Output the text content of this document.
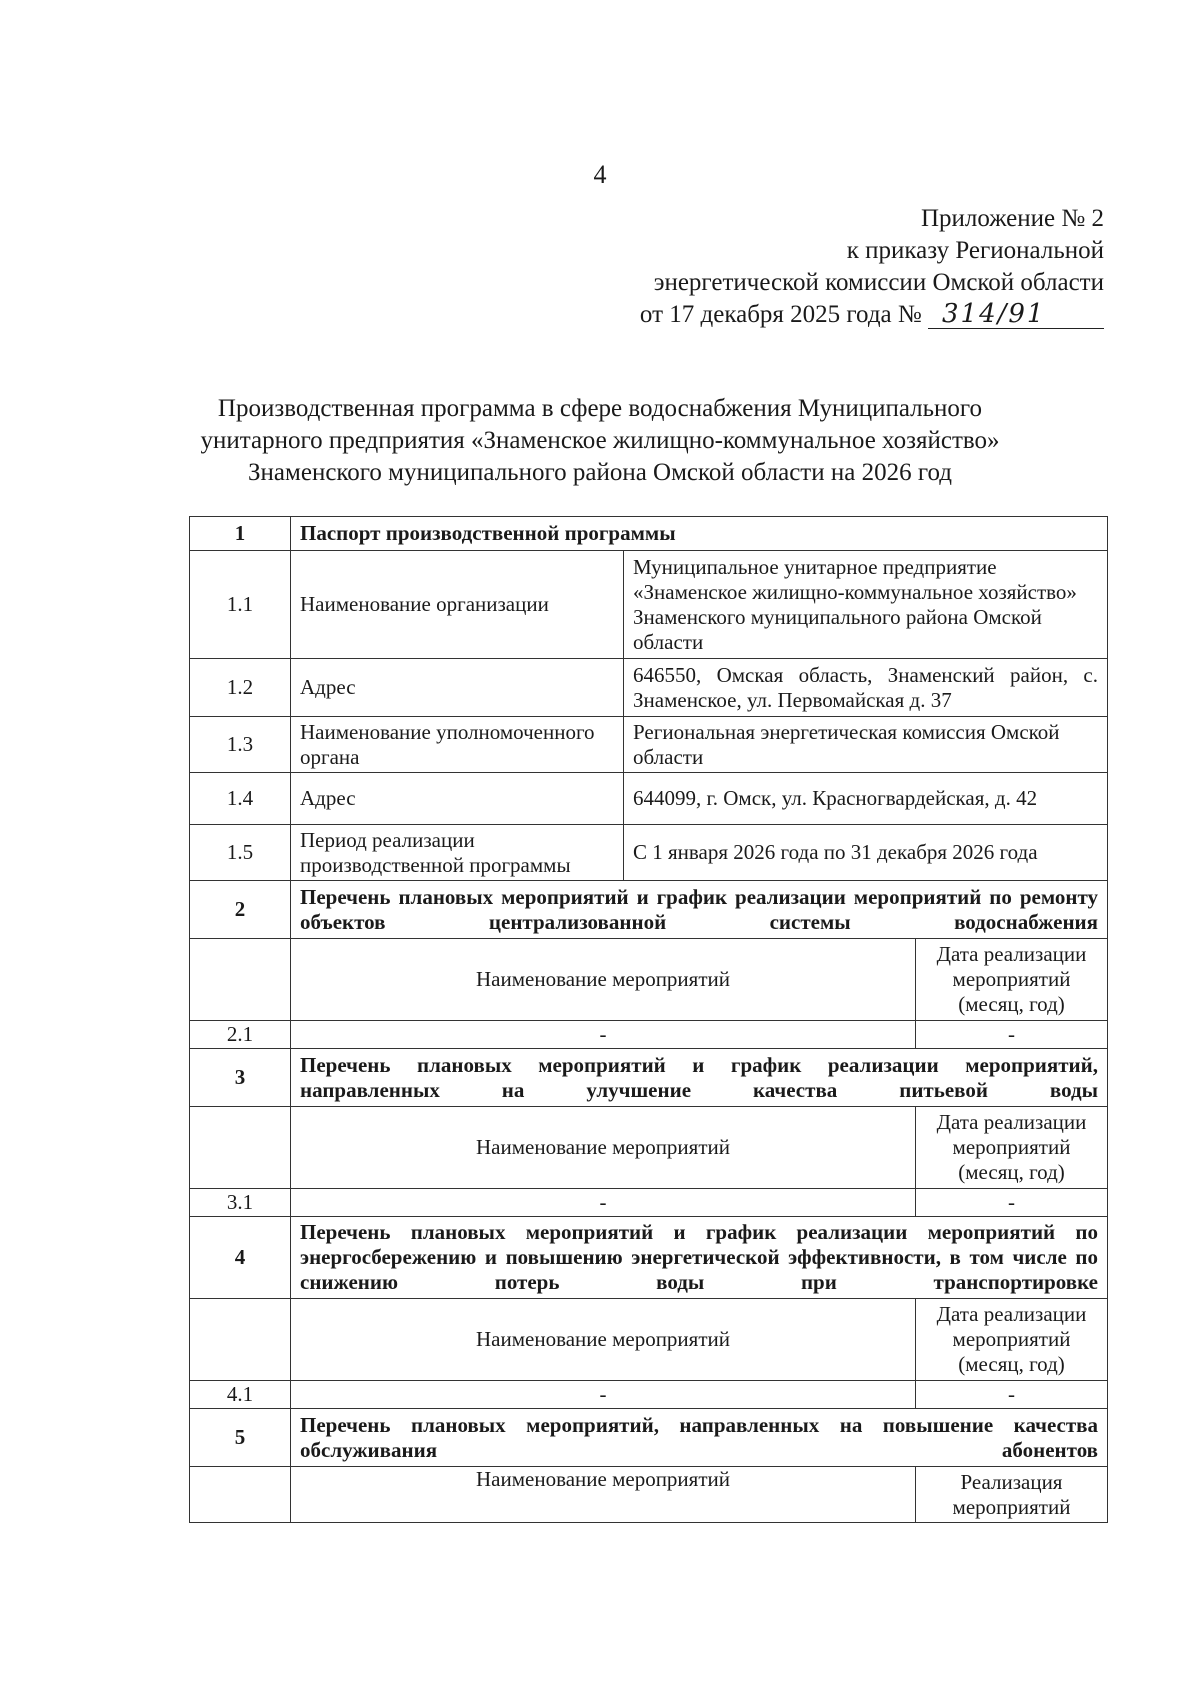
4
Приложение № 2
к приказу Региональной
энергетической комиссии Омской области
от 17 декабря 2025 года № 314/91
Производственная программа в сфере водоснабжения Муниципального
унитарного предприятия «Знаменское жилищно-коммунальное хозяйство»
Знаменского муниципального района Омской области на 2026 год
1	Паспорт производственной программы		
1.1	Наименование организации	Муниципальное унитарное предприятие «Знаменское жилищно-коммунальное хозяйство» Знаменского муниципального района Омской области	
1.2	Адрес	646550, Омская область, Знаменский район, с. Знаменское, ул. Первомайская д. 37	
1.3	Наименование уполномоченного органа	Региональная энергетическая комиссия Омской области	
1.4	Адрес	644099, г. Омск, ул. Красногвардейская, д. 42	
1.5	Период реализации производственной программы	С 1 января 2026 года по 31 декабря 2026 года	
2	Перечень плановых мероприятий и график реализации мероприятий по ремонту объектов централизованной системы водоснабжения		
	Наименование мероприятий		Дата реализации мероприятий (месяц, год)
2.1	-		-
3	Перечень плановых мероприятий и график реализации мероприятий, направленных на улучшение качества питьевой воды		
	Наименование мероприятий		Дата реализации мероприятий (месяц, год)
3.1	-		-
4	Перечень плановых мероприятий и график реализации мероприятий по энергосбережению и повышению энергетической эффективности, в том числе по снижению потерь воды при транспортировке		
	Наименование мероприятий		Дата реализации мероприятий (месяц, год)
4.1	-		-
5	Перечень плановых мероприятий, направленных на повышение качества обслуживания абонентов		
	Наименование мероприятий		Реализация мероприятий
